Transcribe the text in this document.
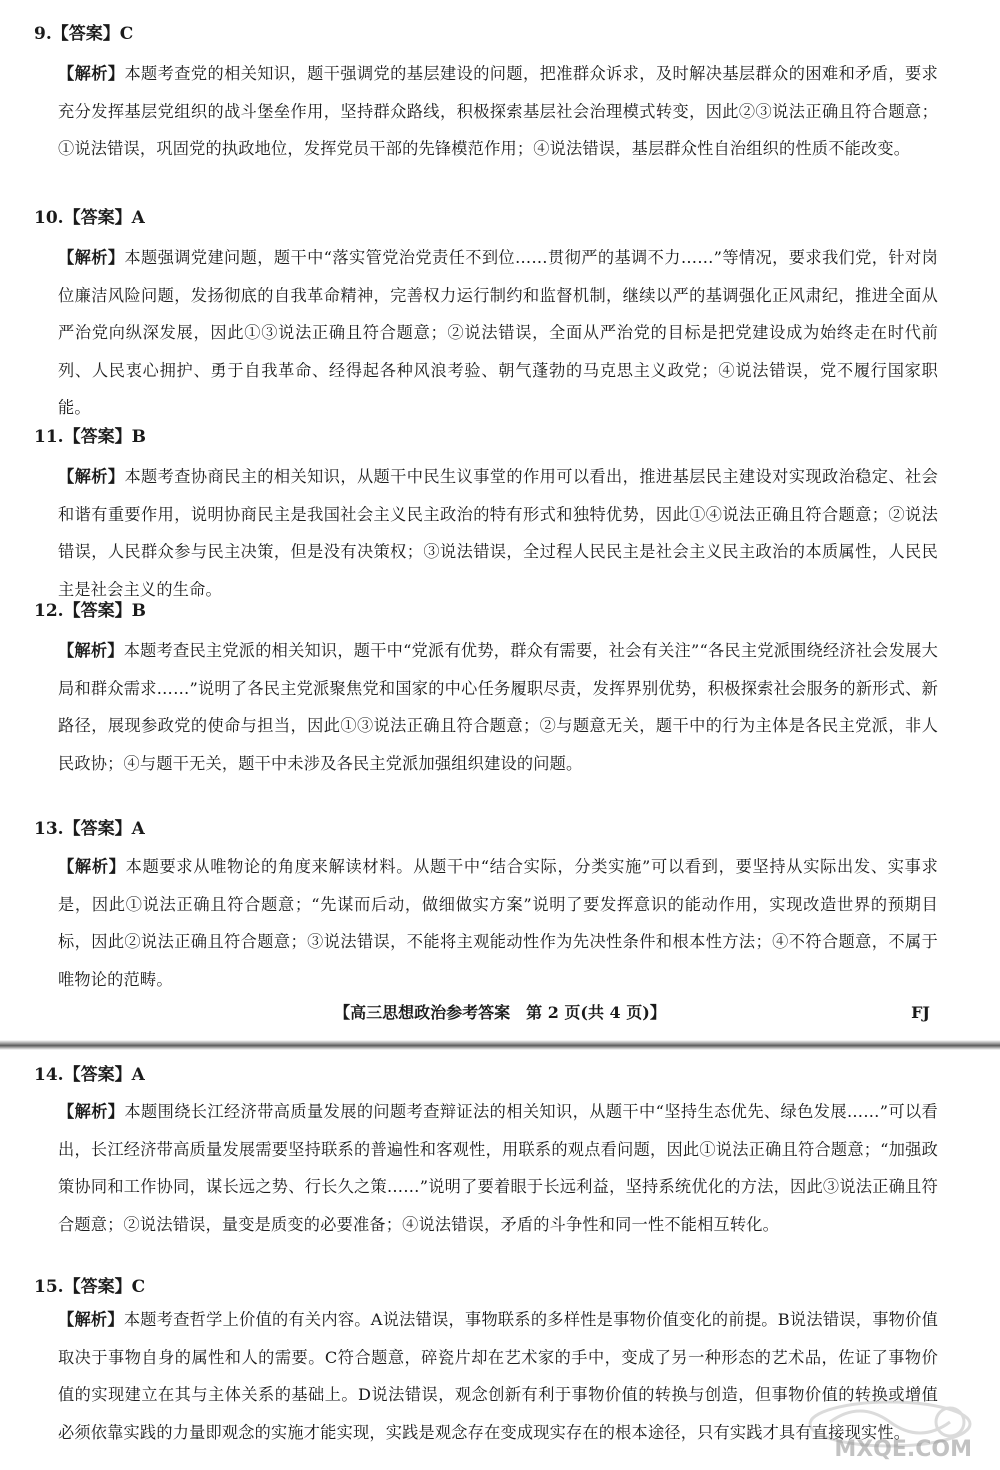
9.【答案】C

【解析】本题考查党的相关知识，题干强调党的基层建设的问题，把准群众诉求，及时解决基层群众的困难和矛盾，要求充分发挥基层党组织的战斗堡垒作用，坚持群众路线，积极探索基层社会治理模式转变，因此②③说法正确且符合题意；①说法错误，巩固党的执政地位，发挥党员干部的先锋模范作用；④说法错误，基层群众性自治组织的性质不能改变。

10.【答案】A

【解析】本题强调党建问题，题干中“落实管党治党责任不到位……贯彻严的基调不力……”等情况，要求我们党，针对岗位廉洁风险问题，发扬彻底的自我革命精神，完善权力运行制约和监督机制，继续以严的基调强化正风肃纪，推进全面从严治党向纵深发展，因此①③说法正确且符合题意；②说法错误，全面从严治党的目标是把党建设成为始终走在时代前列、人民衷心拥护、勇于自我革命、经得起各种风浪考验、朝气蓬勃的马克思主义政党；④说法错误，党不履行国家职能。

11.【答案】B

【解析】本题考查协商民主的相关知识，从题干中民生议事堂的作用可以看出，推进基层民主建设对实现政治稳定、社会和谐有重要作用，说明协商民主是我国社会主义民主政治的特有形式和独特优势，因此①④说法正确且符合题意；②说法错误，人民群众参与民主决策，但是没有决策权；③说法错误，全过程人民民主是社会主义民主政治的本质属性，人民民主是社会主义的生命。

12.【答案】B

【解析】本题考查民主党派的相关知识，题干中“党派有优势，群众有需要，社会有关注”“各民主党派围绕经济社会发展大局和群众需求……”说明了各民主党派聚焦党和国家的中心任务履职尽责，发挥界别优势，积极探索社会服务的新形式、新路径，展现参政党的使命与担当，因此①③说法正确且符合题意；②与题意无关，题干中的行为主体是各民主党派，非人民政协；④与题干无关，题干中未涉及各民主党派加强组织建设的问题。

13.【答案】A

【解析】本题要求从唯物论的角度来解读材料。从题干中“结合实际，分类实施”可以看到，要坚持从实际出发、实事求是，因此①说法正确且符合题意；“先谋而后动，做细做实方案”说明了要发挥意识的能动作用，实现改造世界的预期目标，因此②说法正确且符合题意；③说法错误，不能将主观能动性作为先决性条件和根本性方法；④不符合题意，不属于唯物论的范畴。

【高三思想政治参考答案　第 2 页(共 4 页)】	FJ
14.【答案】A

【解析】本题围绕长江经济带高质量发展的问题考查辩证法的相关知识，从题干中“坚持生态优先、绿色发展……”可以看出，长江经济带高质量发展需要坚持联系的普遍性和客观性，用联系的观点看问题，因此①说法正确且符合题意；“加强政策协同和工作协同，谋长远之势、行长久之策……”说明了要着眼于长远利益，坚持系统优化的方法，因此③说法正确且符合题意；②说法错误，量变是质变的必要准备；④说法错误，矛盾的斗争性和同一性不能相互转化。

15.【答案】C

【解析】本题考查哲学上价值的有关内容。A说法错误，事物联系的多样性是事物价值变化的前提。B说法错误，事物价值取决于事物自身的属性和人的需要。C符合题意，碎瓷片却在艺术家的手中，变成了另一种形态的艺术品，佐证了事物价值的实现建立在其与主体关系的基础上。D说法错误，观念创新有利于事物价值的转换与创造，但事物价值的转换或增值必须依靠实践的力量即观念的实施才能实现，实践是观念存在变成现实存在的根本途径，只有实践才具有直接现实性。

MXQE.COM
